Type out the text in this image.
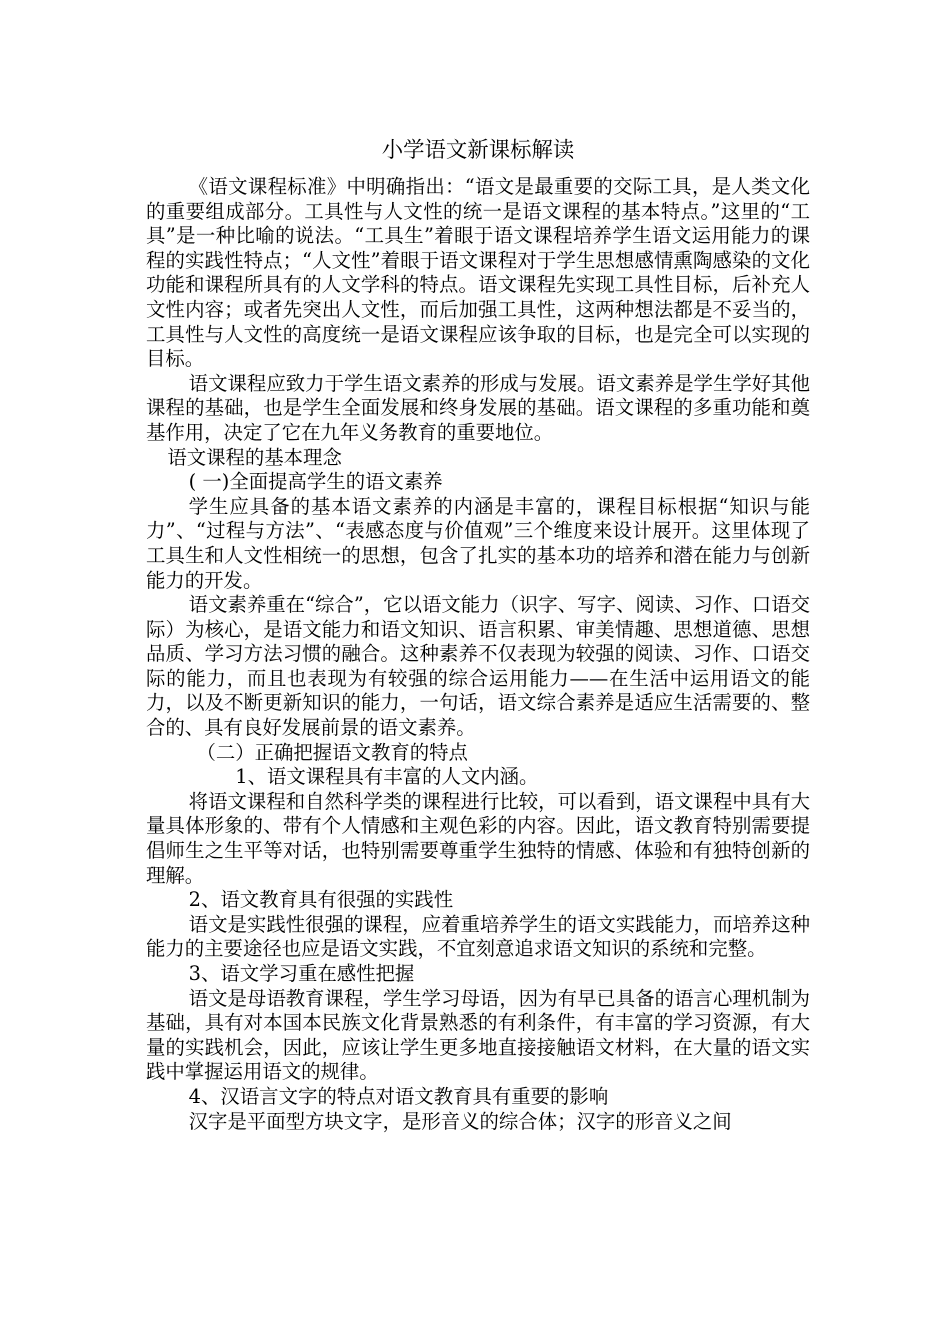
小学语文新课标解读

《语文课程标准》中明确指出：“语文是最重要的交际工具，是人类文化的重要组成部分。工具性与人文性的统一是语文课程的基本特点。”这里的“工具”是一种比喻的说法。“工具生”着眼于语文课程培养学生语文运用能力的课程的实践性特点；“人文性”着眼于语文课程对于学生思想感情熏陶感染的文化功能和课程所具有的人文学科的特点。语文课程先实现工具性目标，后补充人文性内容；或者先突出人文性，而后加强工具性，这两种想法都是不妥当的，工具性与人文性的高度统一是语文课程应该争取的目标，也是完全可以实现的目标。

语文课程应致力于学生语文素养的形成与发展。语文素养是学生学好其他课程的基础，也是学生全面发展和终身发展的基础。语文课程的多重功能和奠基作用，决定了它在九年义务教育的重要地位。

语文课程的基本理念

( 一)全面提高学生的语文素养

学生应具备的基本语文素养的内涵是丰富的，课程目标根据“知识与能力”、“过程与方法”、“表感态度与价值观”三个维度来设计展开。这里体现了工具生和人文性相统一的思想，包含了扎实的基本功的培养和潜在能力与创新能力的开发。

语文素养重在“综合”，它以语文能力（识字、写字、阅读、习作、口语交际）为核心，是语文能力和语文知识、语言积累、审美情趣、思想道德、思想品质、学习方法习惯的融合。这种素养不仅表现为较强的阅读、习作、口语交际的能力，而且也表现为有较强的综合运用能力——在生活中运用语文的能力，以及不断更新知识的能力，一句话，语文综合素养是适应生活需要的、整合的、具有良好发展前景的语文素养。

（二）正确把握语文教育的特点

1、语文课程具有丰富的人文内涵。

将语文课程和自然科学类的课程进行比较，可以看到，语文课程中具有大量具体形象的、带有个人情感和主观色彩的内容。因此，语文教育特别需要提倡师生之生平等对话，也特别需要尊重学生独特的情感、体验和有独特创新的理解。

2、语文教育具有很强的实践性

语文是实践性很强的课程，应着重培养学生的语文实践能力，而培养这种能力的主要途径也应是语文实践，不宜刻意追求语文知识的系统和完整。

3、语文学习重在感性把握

语文是母语教育课程，学生学习母语，因为有早已具备的语言心理机制为基础，具有对本国本民族文化背景熟悉的有利条件，有丰富的学习资源，有大量的实践机会，因此，应该让学生更多地直接接触语文材料，在大量的语文实践中掌握运用语文的规律。

4、汉语言文字的特点对语文教育具有重要的影响

汉字是平面型方块文字，是形音义的综合体；汉字的形音义之间
